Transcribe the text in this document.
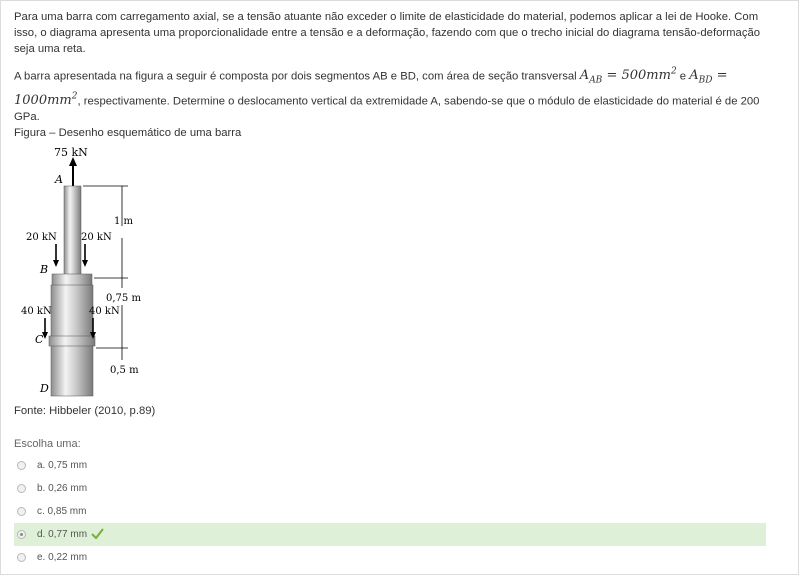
Para uma barra com carregamento axial, se a tensão atuante não exceder o limite de elasticidade do material, podemos aplicar a lei de Hooke. Com isso, o diagrama apresenta uma proporcionalidade entre a tensão e a deformação, fazendo com que o trecho inicial do diagrama tensão-deformação seja uma reta.

A barra apresentada na figura a seguir é composta por dois segmentos AB e BD, com área de seção transversal $A_{AB} = 500mm^2$ e $A_{BD} = 1000mm^2$, respectivamente. Determine o deslocamento vertical da extremidade A, sabendo-se que o módulo de elasticidade do material é de 200 GPa.

Figura – Desenho esquemático de uma barra

75 kN
A
20 kN 20 kN
B
40 kN	40 kN
C
D
1 m
0,75 m
0,5 m
Fonte: Hibbeler (2010, p.89)
Escolha uma:
a. 0,75 mm
b. 0,26 mm
c. 0,85 mm
d. 0,77 mm
e. 0,22 mm
